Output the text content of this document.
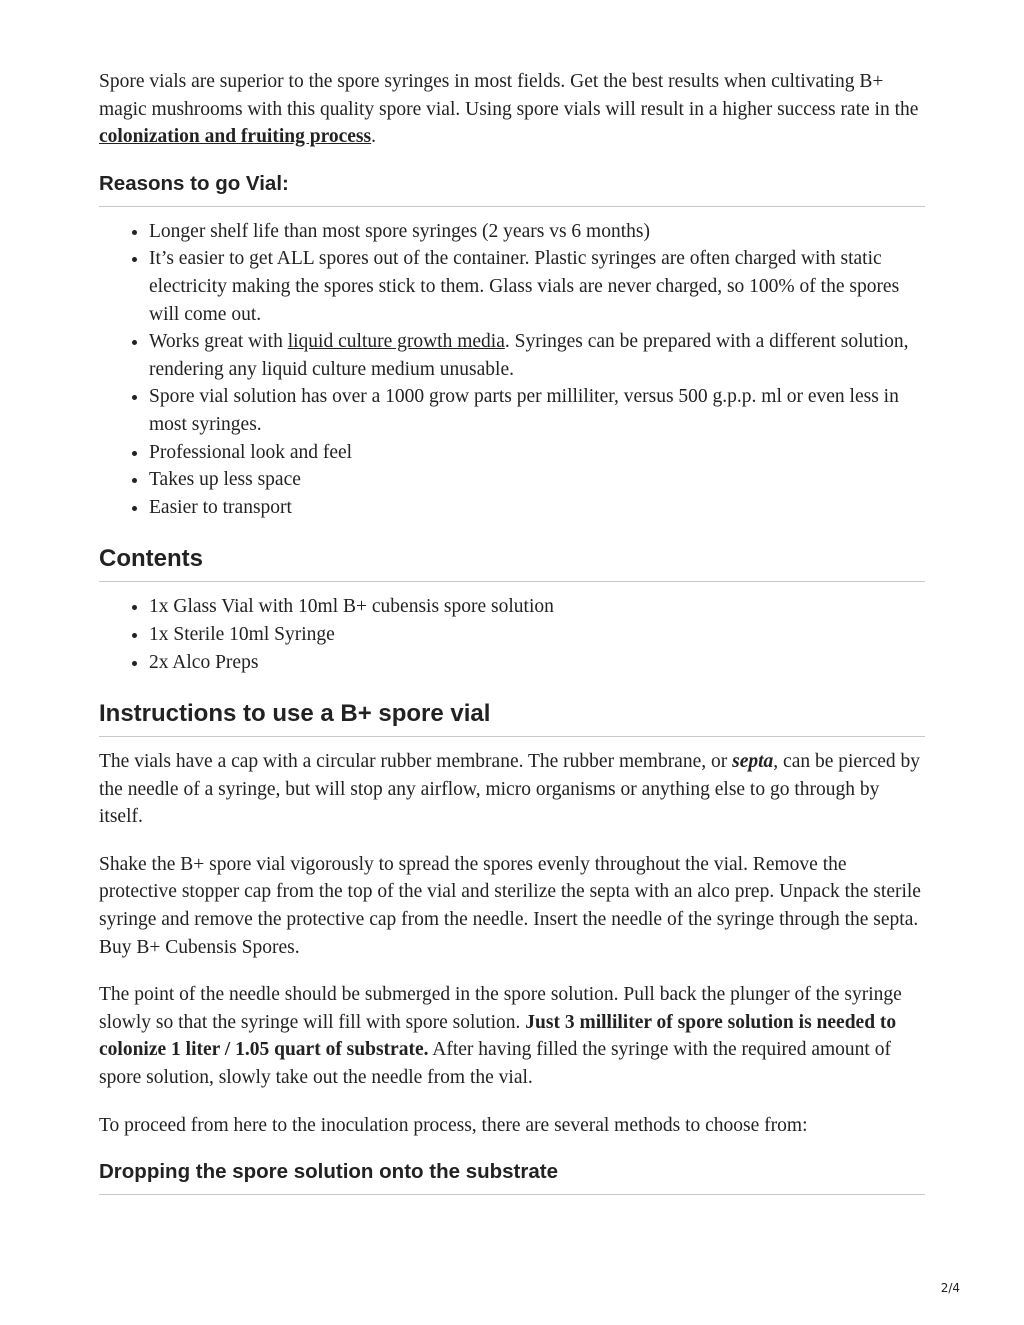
Spore vials are superior to the spore syringes in most fields. Get the best results when cultivating B+ magic mushrooms with this quality spore vial. Using spore vials will result in a higher success rate in the colonization and fruiting process.

Reasons to go Vial:
• Longer shelf life than most spore syringes (2 years vs 6 months)
• It’s easier to get ALL spores out of the container. Plastic syringes are often charged with static electricity making the spores stick to them. Glass vials are never charged, so 100% of the spores will come out.
• Works great with liquid culture growth media. Syringes can be prepared with a different solution, rendering any liquid culture medium unusable.
• Spore vial solution has over a 1000 grow parts per milliliter, versus 500 g.p.p. ml or even less in most syringes.
• Professional look and feel
• Takes up less space
• Easier to transport
Contents
• 1x Glass Vial with 10ml B+ cubensis spore solution
• 1x Sterile 10ml Syringe
• 2x Alco Preps
Instructions to use a B+ spore vial

The vials have a cap with a circular rubber membrane. The rubber membrane, or septa, can be pierced by the needle of a syringe, but will stop any airflow, micro organisms or anything else to go through by itself.

Shake the B+ spore vial vigorously to spread the spores evenly throughout the vial. Remove the protective stopper cap from the top of the vial and sterilize the septa with an alco prep. Unpack the sterile syringe and remove the protective cap from the needle. Insert the needle of the syringe through the septa. Buy B+ Cubensis Spores.

The point of the needle should be submerged in the spore solution. Pull back the plunger of the syringe slowly so that the syringe will fill with spore solution. Just 3 milliliter of spore solution is needed to colonize 1 liter / 1.05 quart of substrate. After having filled the syringe with the required amount of spore solution, slowly take out the needle from the vial.

To proceed from here to the inoculation process, there are several methods to choose from:

Dropping the spore solution onto the substrate
2/4
